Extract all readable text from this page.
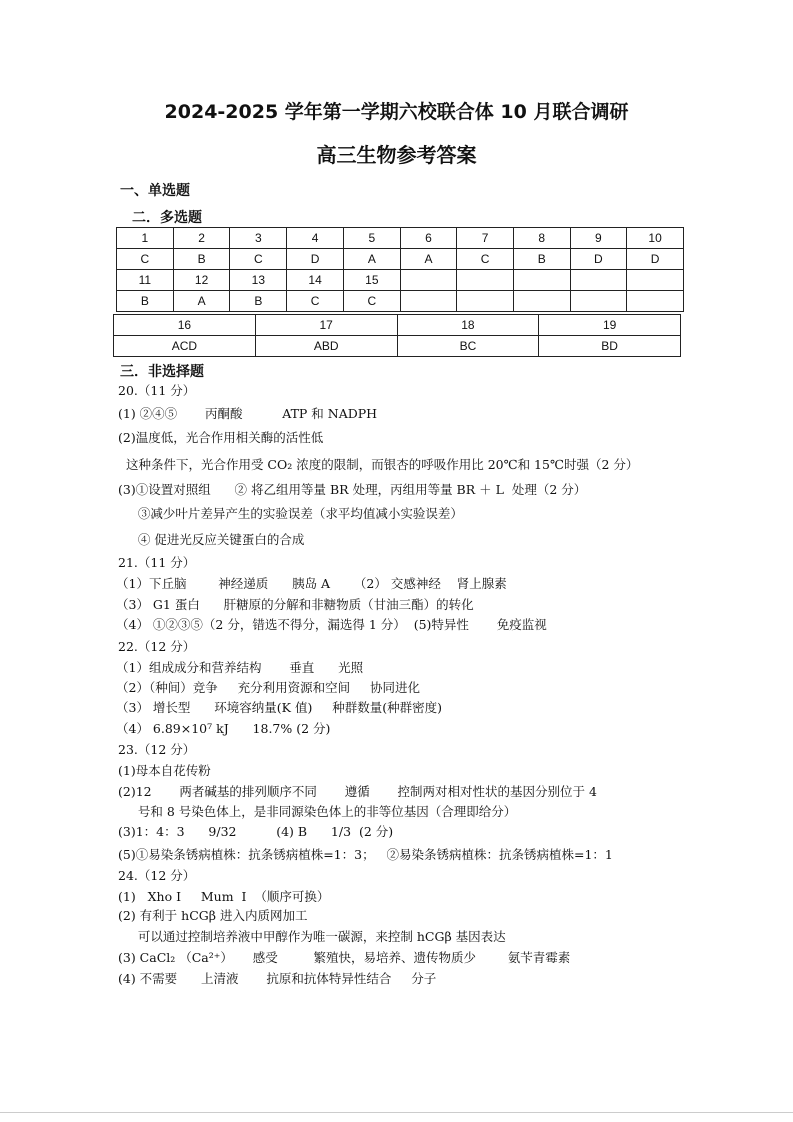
2024-2025 学年第一学期六校联合体 10 月联合调研
高三生物参考答案
一、单选题
二．多选题
1	2	3	4	5	6	7	8	9	10
C	B	C	D	A	A	C	B	D	D
11	12	13	14	15					
B	A	B	C	C					
16	17	18	19
ACD	ABD	BC	BD
三．非选择题
20.（11 分）
(1) ②④⑤       丙酮酸          ATP 和 NADPH
(2)温度低，光合作用相关酶的活性低
这种条件下，光合作用受 CO₂ 浓度的限制，而银杏的呼吸作用比 20℃和 15℃时强（2 分）
(3)①设置对照组      ② 将乙组用等量 BR 处理，丙组用等量 BR ＋ L  处理（2 分）
③减少叶片差异产生的实验误差（求平均值减小实验误差）
④ 促进光反应关键蛋白的合成
21.（11 分）
（1）下丘脑        神经递质      胰岛 A      （2） 交感神经    肾上腺素
（3） G1 蛋白      肝糖原的分解和非糖物质（甘油三酯）的转化
（4） ①②③⑤（2 分，错选不得分，漏选得 1 分）  (5)特异性       免疫监视
22.（12 分）
（1）组成成分和营养结构       垂直      光照
（2）（种间）竞争     充分利用资源和空间     协同进化
（3） 增长型      环境容纳量(K 值)     种群数量(种群密度)
（4） 6.89×10⁷ kJ      18.7% (2 分)
23.（12 分）
(1)母本自花传粉
(2)12       两者碱基的排列顺序不同       遵循       控制两对相对性状的基因分别位于 4
号和 8 号染色体上，是非同源染色体上的非等位基因（合理即给分）
(3)1：4：3      9/32          (4) B      1/3  (2 分)
(5)①易染条锈病植株：抗条锈病植株=1：3；   ②易染条锈病植株：抗条锈病植株=1：1
24.（12 分）
(1)   Xho Ⅰ     Mum  Ⅰ  （顺序可换）
(2) 有利于 hCGβ 进入内质网加工
可以通过控制培养液中甲醇作为唯一碳源，来控制 hCGβ 基因表达
(3) CaCl₂ （Ca²⁺）     感受         繁殖快，易培养、遗传物质少        氨苄青霉素
(4) 不需要      上清液       抗原和抗体特异性结合     分子
